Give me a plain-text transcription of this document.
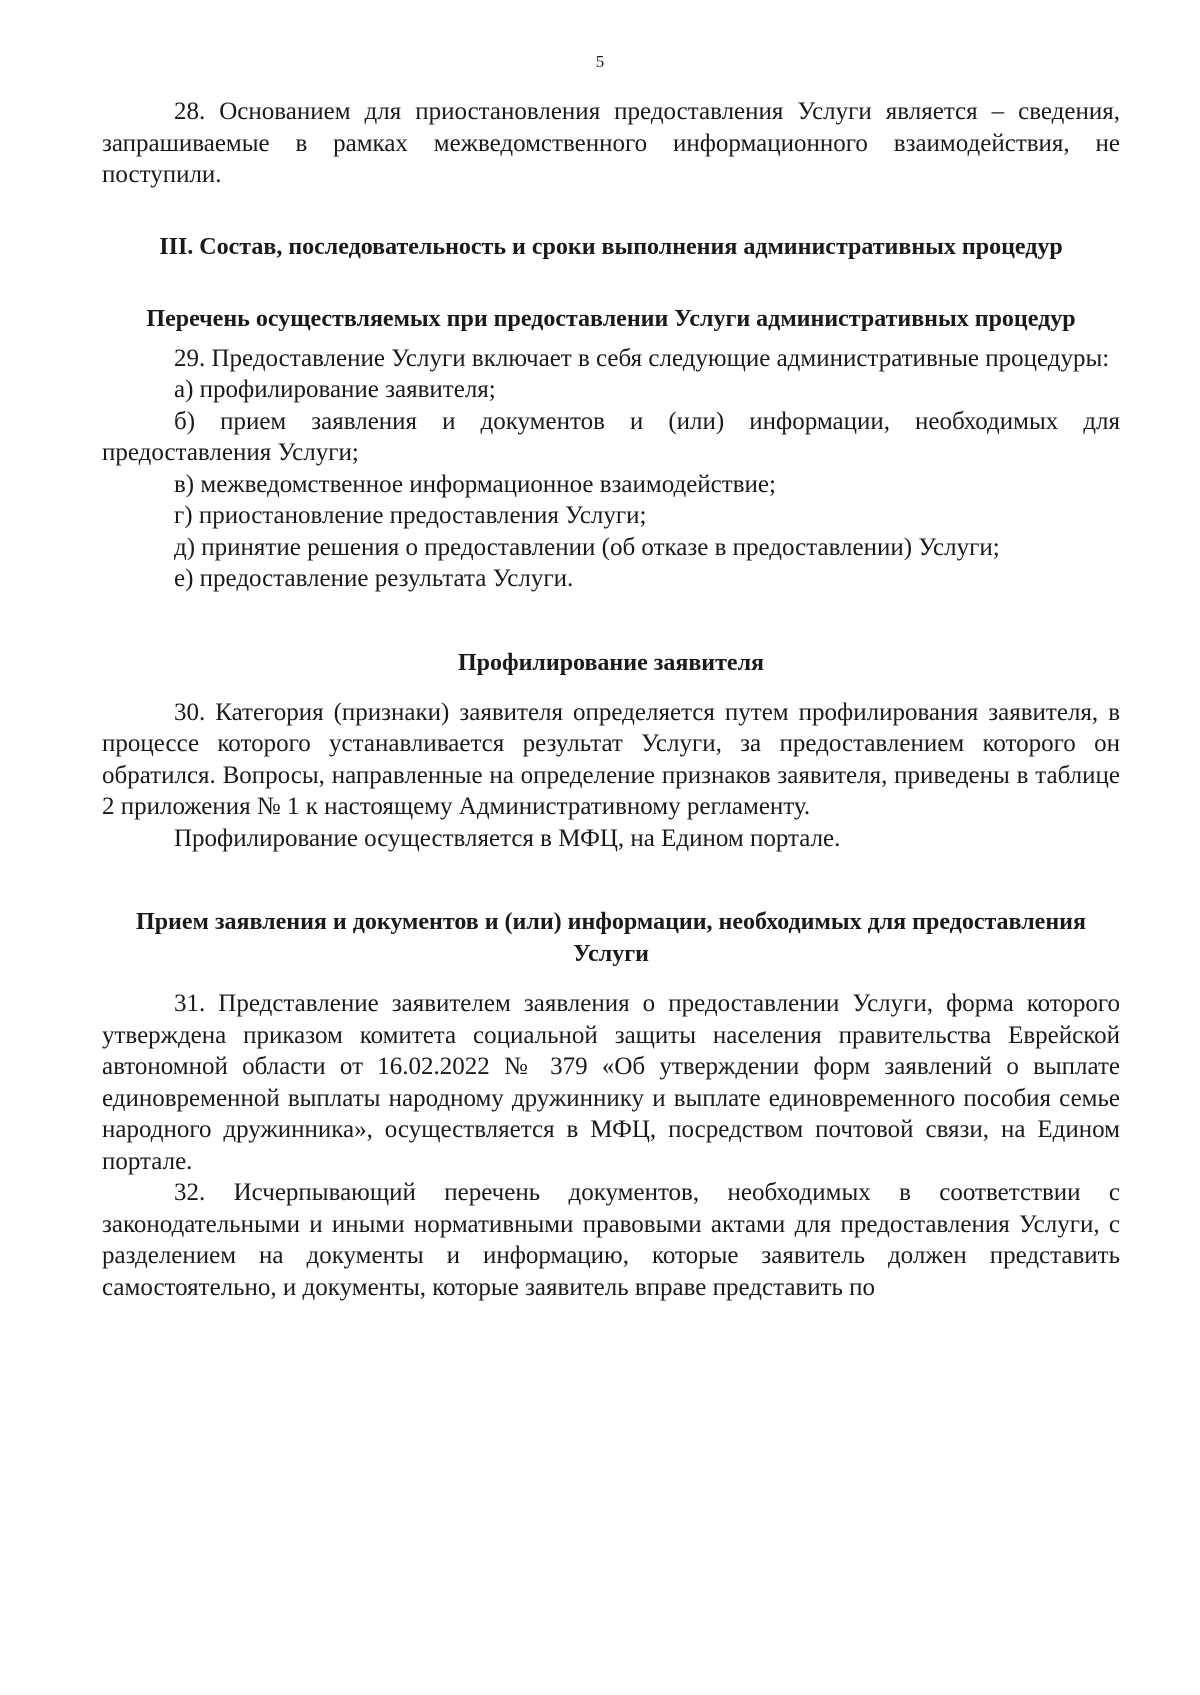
5

28. Основанием для приостановления предоставления Услуги является – сведения, запрашиваемые в рамках межведомственного информационного взаимодействия, не поступили.

III. Состав, последовательность и сроки выполнения административных процедур
Перечень осуществляемых при предоставлении Услуги административных процедур

29. Предоставление Услуги включает в себя следующие административные процедуры:

а) профилирование заявителя;

б) прием заявления и документов и (или) информации, необходимых для предоставления Услуги;

в) межведомственное информационное взаимодействие;

г) приостановление предоставления Услуги;

д) принятие решения о предоставлении (об отказе в предоставлении) Услуги;

е) предоставление результата Услуги.

Профилирование заявителя

30. Категория (признаки) заявителя определяется путем профилирования заявителя, в процессе которого устанавливается результат Услуги, за предоставлением которого он обратился. Вопросы, направленные на определение признаков заявителя, приведены в таблице 2 приложения № 1 к настоящему Административному регламенту.

Профилирование осуществляется в МФЦ, на Едином портале.

Прием заявления и документов и (или) информации, необходимых для предоставления Услуги

31. Представление заявителем заявления о предоставлении Услуги, форма которого утверждена приказом комитета социальной защиты населения правительства Еврейской автономной области от 16.02.2022 № 379 «Об утверждении форм заявлений о выплате единовременной выплаты народному дружиннику и выплате единовременного пособия семье народного дружинника», осуществляется в МФЦ, посредством почтовой связи, на Едином портале.

32. Исчерпывающий перечень документов, необходимых в соответствии с законодательными и иными нормативными правовыми актами для предоставления Услуги, с разделением на документы и информацию, которые заявитель должен представить самостоятельно, и документы, которые заявитель вправе представить по
